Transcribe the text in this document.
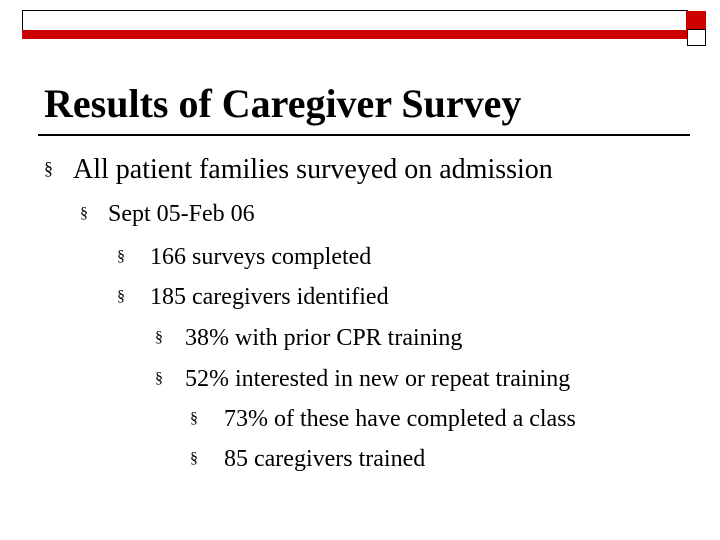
Results of Caregiver Survey
§ All patient families surveyed on admission
§ Sept 05-Feb 06
§ 166 surveys completed
§ 185 caregivers identified
§ 38% with prior CPR training
§ 52% interested in new or repeat training
§ 73% of these have completed a class
§ 85 caregivers trained
